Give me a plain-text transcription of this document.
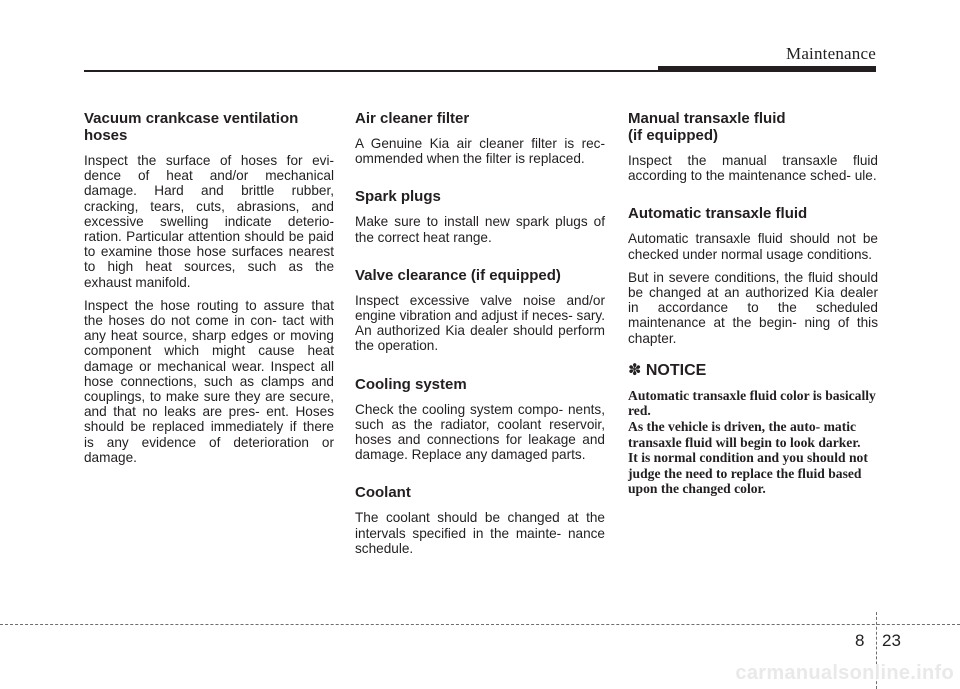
Maintenance
Vacuum crankcase ventilation hoses

Inspect the surface of hoses for evi- dence of heat and/or mechanical damage. Hard and brittle rubber, cracking, tears, cuts, abrasions, and excessive swelling indicate deterio- ration. Particular attention should be paid to examine those hose surfaces nearest to high heat sources, such as the exhaust manifold.

Inspect the hose routing to assure that the hoses do not come in con- tact with any heat source, sharp edges or moving component which might cause heat damage or mechanical wear. Inspect all hose connections, such as clamps and couplings, to make sure they are secure, and that no leaks are pres- ent. Hoses should be replaced immediately if there is any evidence of deterioration or damage.

Air cleaner filter

A Genuine Kia air cleaner filter is rec- ommended when the filter is replaced.

Spark plugs

Make sure to install new spark plugs of the correct heat range.

Valve clearance (if equipped)

Inspect excessive valve noise and/or engine vibration and adjust if neces- sary. An authorized Kia dealer should perform the operation.

Cooling system

Check the cooling system compo- nents, such as the radiator, coolant reservoir, hoses and connections for leakage and damage. Replace any damaged parts.

Coolant

The coolant should be changed at the intervals specified in the mainte- nance schedule.

Manual transaxle fluid
(if equipped)

Inspect the manual transaxle fluid according to the maintenance sched- ule.

Automatic transaxle fluid

Automatic transaxle fluid should not be checked under normal usage conditions.

But in severe conditions, the fluid should be changed at an authorized Kia dealer in accordance to the scheduled maintenance at the begin- ning of this chapter.

✽ NOTICE

Automatic transaxle fluid color is basically red.

As the vehicle is driven, the auto- matic transaxle fluid will begin to look darker.

It is normal condition and you should not judge the need to replace the fluid based upon the changed color.

8 23
carmanualsonline.info
